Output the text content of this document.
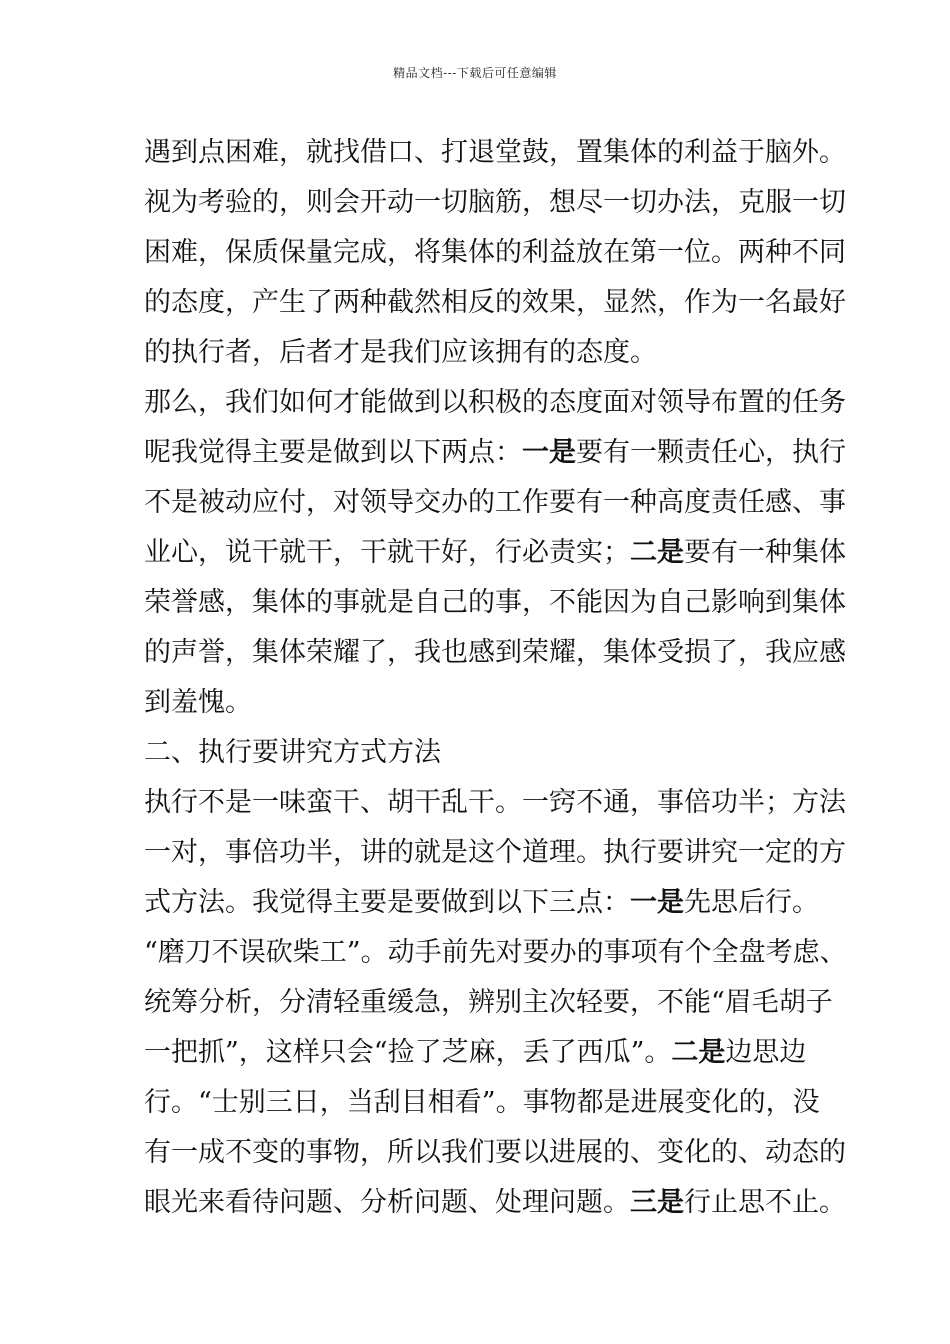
精品文档---下载后可任意编辑
遇到点困难，就找借口、打退堂鼓，置集体的利益于脑外。
视为考验的，则会开动一切脑筋，想尽一切办法，克服一切
困难，保质保量完成，将集体的利益放在第一位。两种不同
的态度，产生了两种截然相反的效果，显然，作为一名最好
的执行者，后者才是我们应该拥有的态度。
那么，我们如何才能做到以积极的态度面对领导布置的任务
呢我觉得主要是做到以下两点：一是要有一颗责任心，执行
不是被动应付，对领导交办的工作要有一种高度责任感、事
业心，说干就干，干就干好，行必责实；二是要有一种集体
荣誉感，集体的事就是自己的事，不能因为自己影响到集体
的声誉，集体荣耀了，我也感到荣耀，集体受损了，我应感
到羞愧。
二、执行要讲究方式方法
执行不是一味蛮干、胡干乱干。一窍不通，事倍功半；方法
一对，事倍功半，讲的就是这个道理。执行要讲究一定的方
式方法。我觉得主要是要做到以下三点：一是先思后行。
“磨刀不误砍柴工”。动手前先对要办的事项有个全盘考虑、
统筹分析，分清轻重缓急，辨别主次轻要，不能“眉毛胡子
一把抓”，这样只会“捡了芝麻，丢了西瓜”。二是边思边
行。“士别三日，当刮目相看”。事物都是进展变化的，没
有一成不变的事物，所以我们要以进展的、变化的、动态的
眼光来看待问题、分析问题、处理问题。三是行止思不止。
